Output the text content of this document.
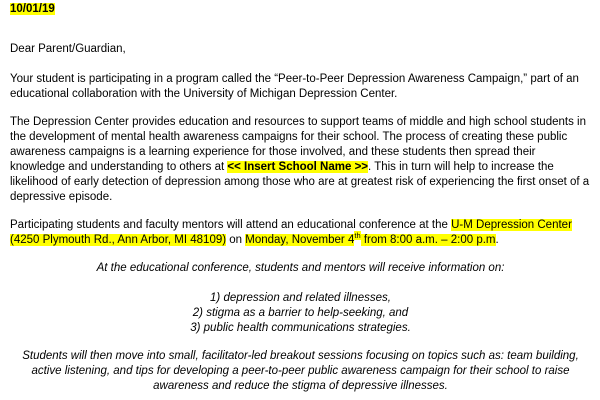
10/01/19

Dear Parent/Guardian,

Your student is participating in a program called the “Peer-to-Peer Depression Awareness Campaign,” part of an educational collaboration with the University of Michigan Depression Center.

The Depression Center provides education and resources to support teams of middle and high school students in the development of mental health awareness campaigns for their school. The process of creating these public awareness campaigns is a learning experience for those involved, and these students then spread their knowledge and understanding to others at << Insert School Name >>. This in turn will help to increase the likelihood of early detection of depression among those who are at greatest risk of experiencing the first onset of a depressive episode.

Participating students and faculty mentors will attend an educational conference at the U-M Depression Center (4250 Plymouth Rd., Ann Arbor, MI 48109) on Monday, November 4th from 8:00 a.m. – 2:00 p.m.

At the educational conference, students and mentors will receive information on:

1) depression and related illnesses,
2) stigma as a barrier to help-seeking, and
3) public health communications strategies.

Students will then move into small, facilitator-led breakout sessions focusing on topics such as: team building, active listening, and tips for developing a peer-to-peer public awareness campaign for their school to raise awareness and reduce the stigma of depressive illnesses.
